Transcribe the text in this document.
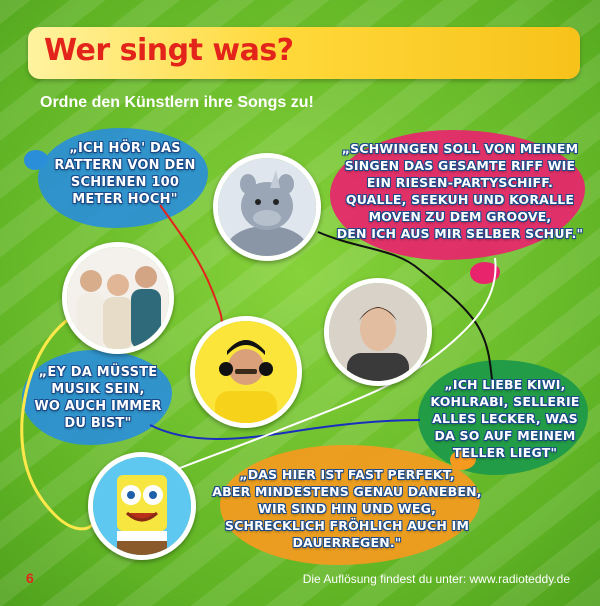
Wer singt was?
Ordne den Künstlern ihre Songs zu!
„ICH HÖR' DAS
RATTERN VON DEN
SCHIENEN 100
METER HOCH"
„SCHWINGEN SOLL VON MEINEM
SINGEN DAS GESAMTE RIFF WIE
EIN RIESEN-PARTYSCHIFF.
QUALLE, SEEKUH UND KORALLE
MOVEN ZU DEM GROOVE,
DEN ICH AUS MIR SELBER SCHUF."
„EY DA MÜSSTE
MUSIK SEIN,
WO AUCH IMMER
DU BIST"
„ICH LIEBE KIWI,
KOHLRABI, SELLERIE
ALLES LECKER, WAS
DA SO AUF MEINEM
TELLER LIEGT"
„DAS HIER IST FAST PERFEKT,
ABER MINDESTENS GENAU DANEBEN,
WIR SIND HIN UND WEG,
SCHRECKLICH FRÖHLICH AUCH IM
DAUERREGEN."
6	Die Auflösung findest du unter: www.radioteddy.de
